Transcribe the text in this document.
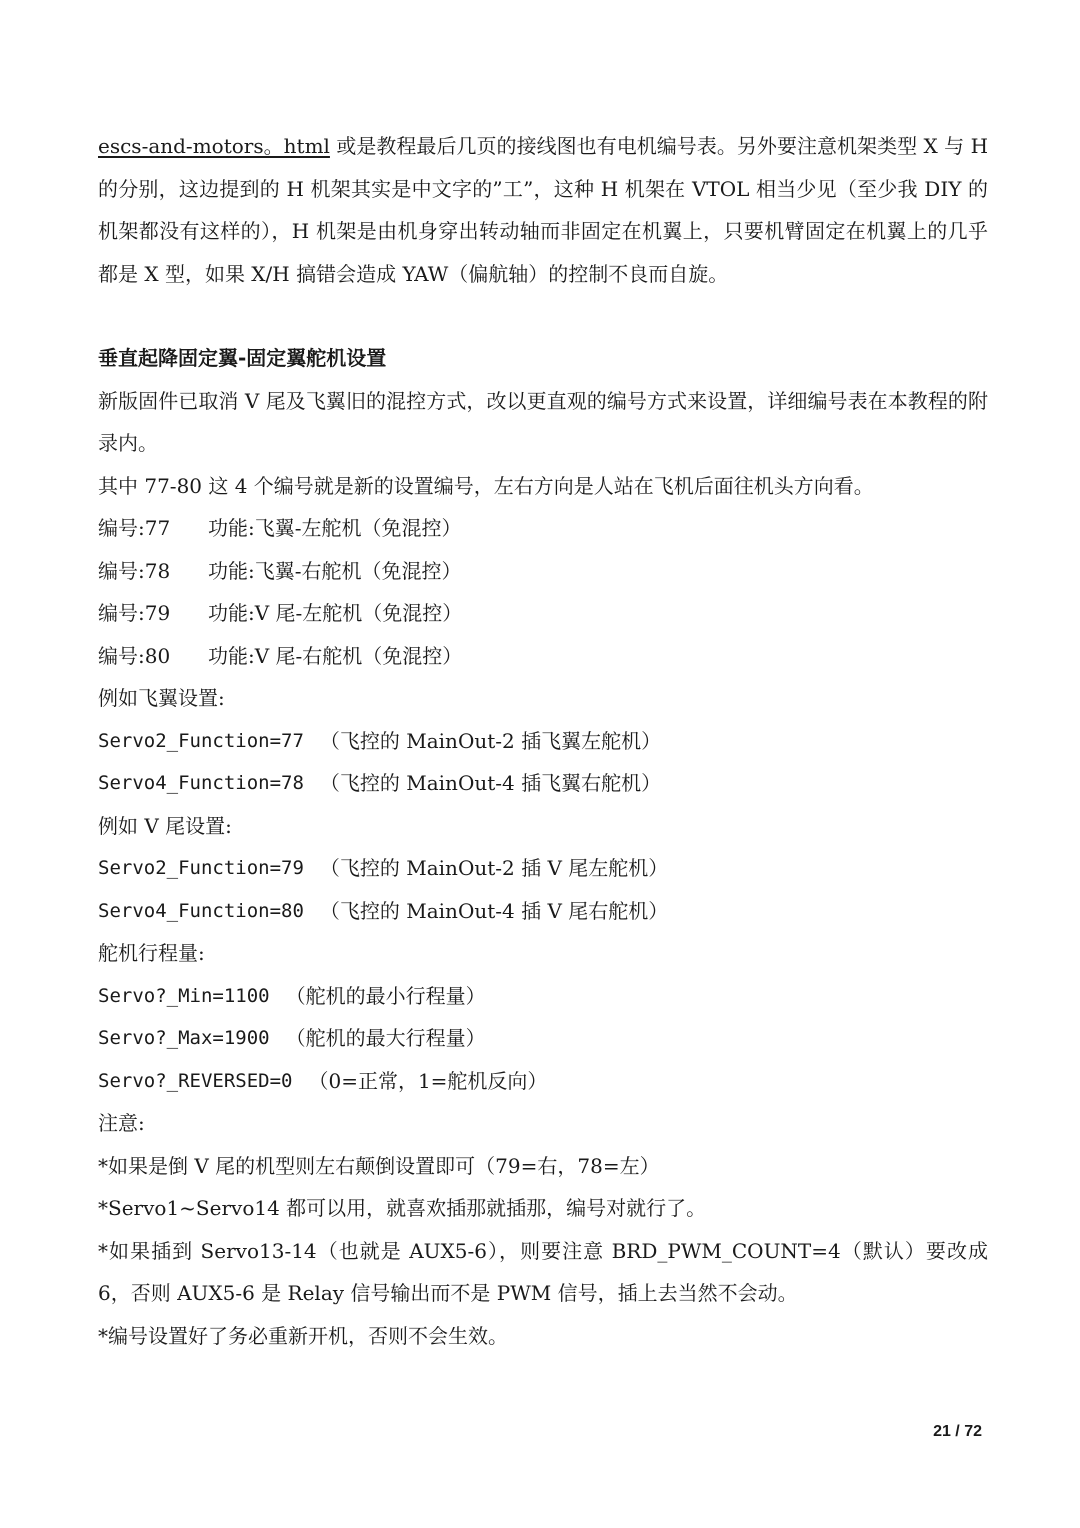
escs-and-motors。html 或是教程最后几页的接线图也有电机编号表。另外要注意机架类型 X 与 H 的分别，这边提到的 H 机架其实是中文字的”工”，这种 H 机架在 VTOL 相当少见（至少我 DIY 的机架都没有这样的），H 机架是由机身穿出转动轴而非固定在机翼上，只要机臂固定在机翼上的几乎都是 X 型，如果 X/H 搞错会造成 YAW（偏航轴）的控制不良而自旋。

垂直起降固定翼-固定翼舵机设置

新版固件已取消 V 尾及飞翼旧的混控方式，改以更直观的编号方式来设置，详细编号表在本教程的附录内。

其中 77-80 这 4 个编号就是新的设置编号，左右方向是人站在飞机后面往机头方向看。

编号:77	功能:飞翼-左舵机（免混控）

编号:78	功能:飞翼-右舵机（免混控）

编号:79	功能:V 尾-左舵机（免混控）

编号:80	功能:V 尾-右舵机（免混控）

例如飞翼设置:

Servo2_Function=77 （飞控的 MainOut-2 插飞翼左舵机）

Servo4_Function=78 （飞控的 MainOut-4 插飞翼右舵机）

例如 V 尾设置:

Servo2_Function=79 （飞控的 MainOut-2 插 V 尾左舵机）

Servo4_Function=80 （飞控的 MainOut-4 插 V 尾右舵机）

舵机行程量:

Servo?_Min=1100 （舵机的最小行程量）

Servo?_Max=1900 （舵机的最大行程量）

Servo?_REVERSED=0 （0=正常，1=舵机反向）

注意:

*如果是倒 V 尾的机型则左右颠倒设置即可（79=右，78=左）

*Servo1~Servo14 都可以用，就喜欢插那就插那，编号对就行了。

*如果插到 Servo13-14（也就是 AUX5-6），则要注意 BRD_PWM_COUNT=4（默认）要改成 6，否则 AUX5-6 是 Relay 信号输出而不是 PWM 信号，插上去当然不会动。

*编号设置好了务必重新开机，否则不会生效。

21 / 72
